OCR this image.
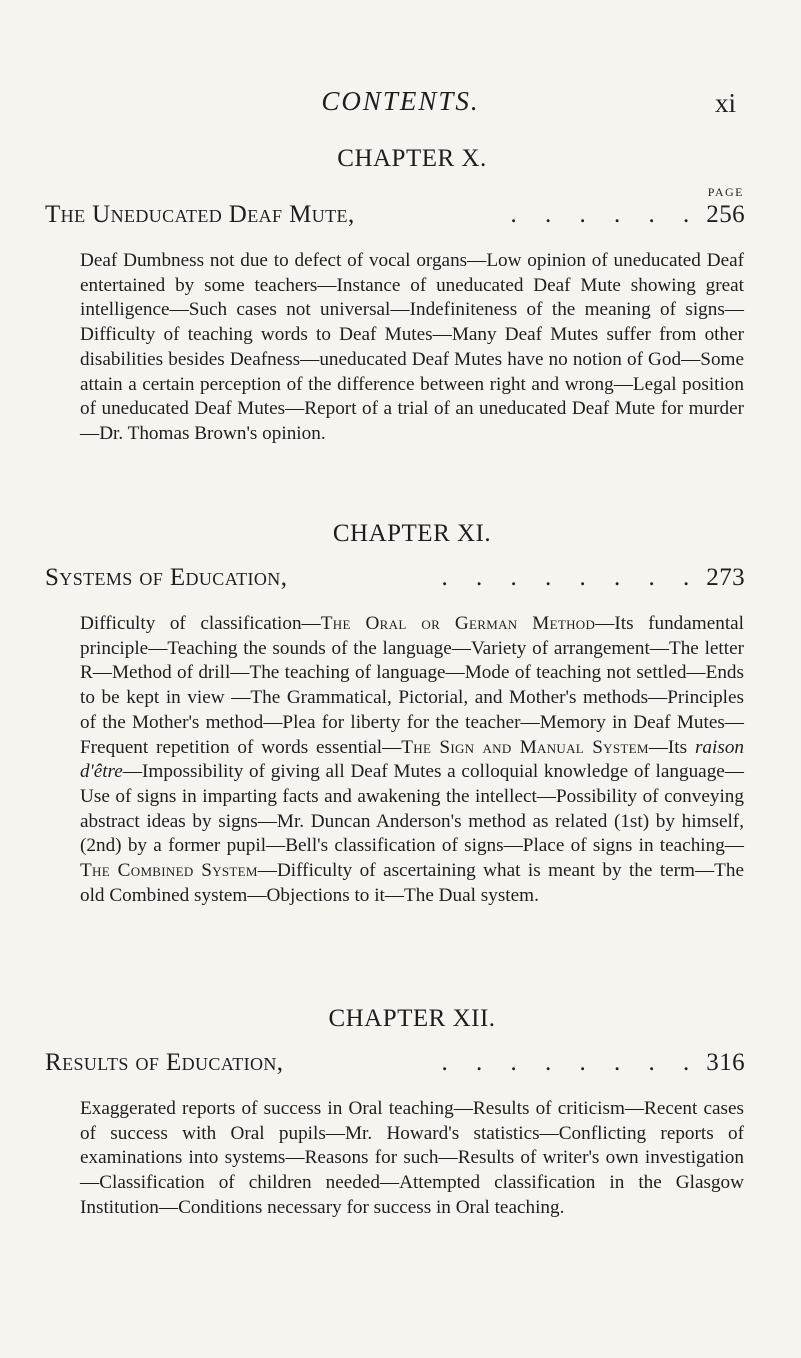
CONTENTS.	xi
CHAPTER X.
PAGE
The Uneducated Deaf Mute,	. . . . . . 256

Deaf Dumbness not due to defect of vocal organs—Low opinion of uneducated Deaf entertained by some teachers—Instance of uneducated Deaf Mute showing great intelligence—Such cases not universal—Indefiniteness of the meaning of signs—Difficulty of teaching words to Deaf Mutes—Many Deaf Mutes suffer from other disabilities besides Deafness—uneducated Deaf Mutes have no notion of God—Some attain a certain perception of the difference between right and wrong—Legal position of uneducated Deaf Mutes—Report of a trial of an uneducated Deaf Mute for murder —Dr. Thomas Brown's opinion.

CHAPTER XI.
Systems of Education,	. . . . . . . . 273

Difficulty of classification—The Oral or German Method—Its fundamental principle—Teaching the sounds of the language—Variety of arrangement—The letter R—Method of drill—The teaching of language—Mode of teaching not settled—Ends to be kept in view —The Grammatical, Pictorial, and Mother's methods—Principles of the Mother's method—Plea for liberty for the teacher—Memory in Deaf Mutes—Frequent repetition of words essential—The Sign and Manual System—Its raison d'être—Impossibility of giving all Deaf Mutes a colloquial knowledge of language—Use of signs in imparting facts and awakening the intellect—Possibility of conveying abstract ideas by signs—Mr. Duncan Anderson's method as related (1st) by himself, (2nd) by a former pupil—Bell's classification of signs—Place of signs in teaching—The Combined System—Difficulty of ascertaining what is meant by the term—The old Combined system—Objections to it—The Dual system.

CHAPTER XII.
Results of Education,	. . . . . . . . 316

Exaggerated reports of success in Oral teaching—Results of criticism—Recent cases of success with Oral pupils—Mr. Howard's statistics—Conflicting reports of examinations into systems—Reasons for such—Results of writer's own investigation—Classification of children needed—Attempted classification in the Glasgow Institution—Conditions necessary for success in Oral teaching.
